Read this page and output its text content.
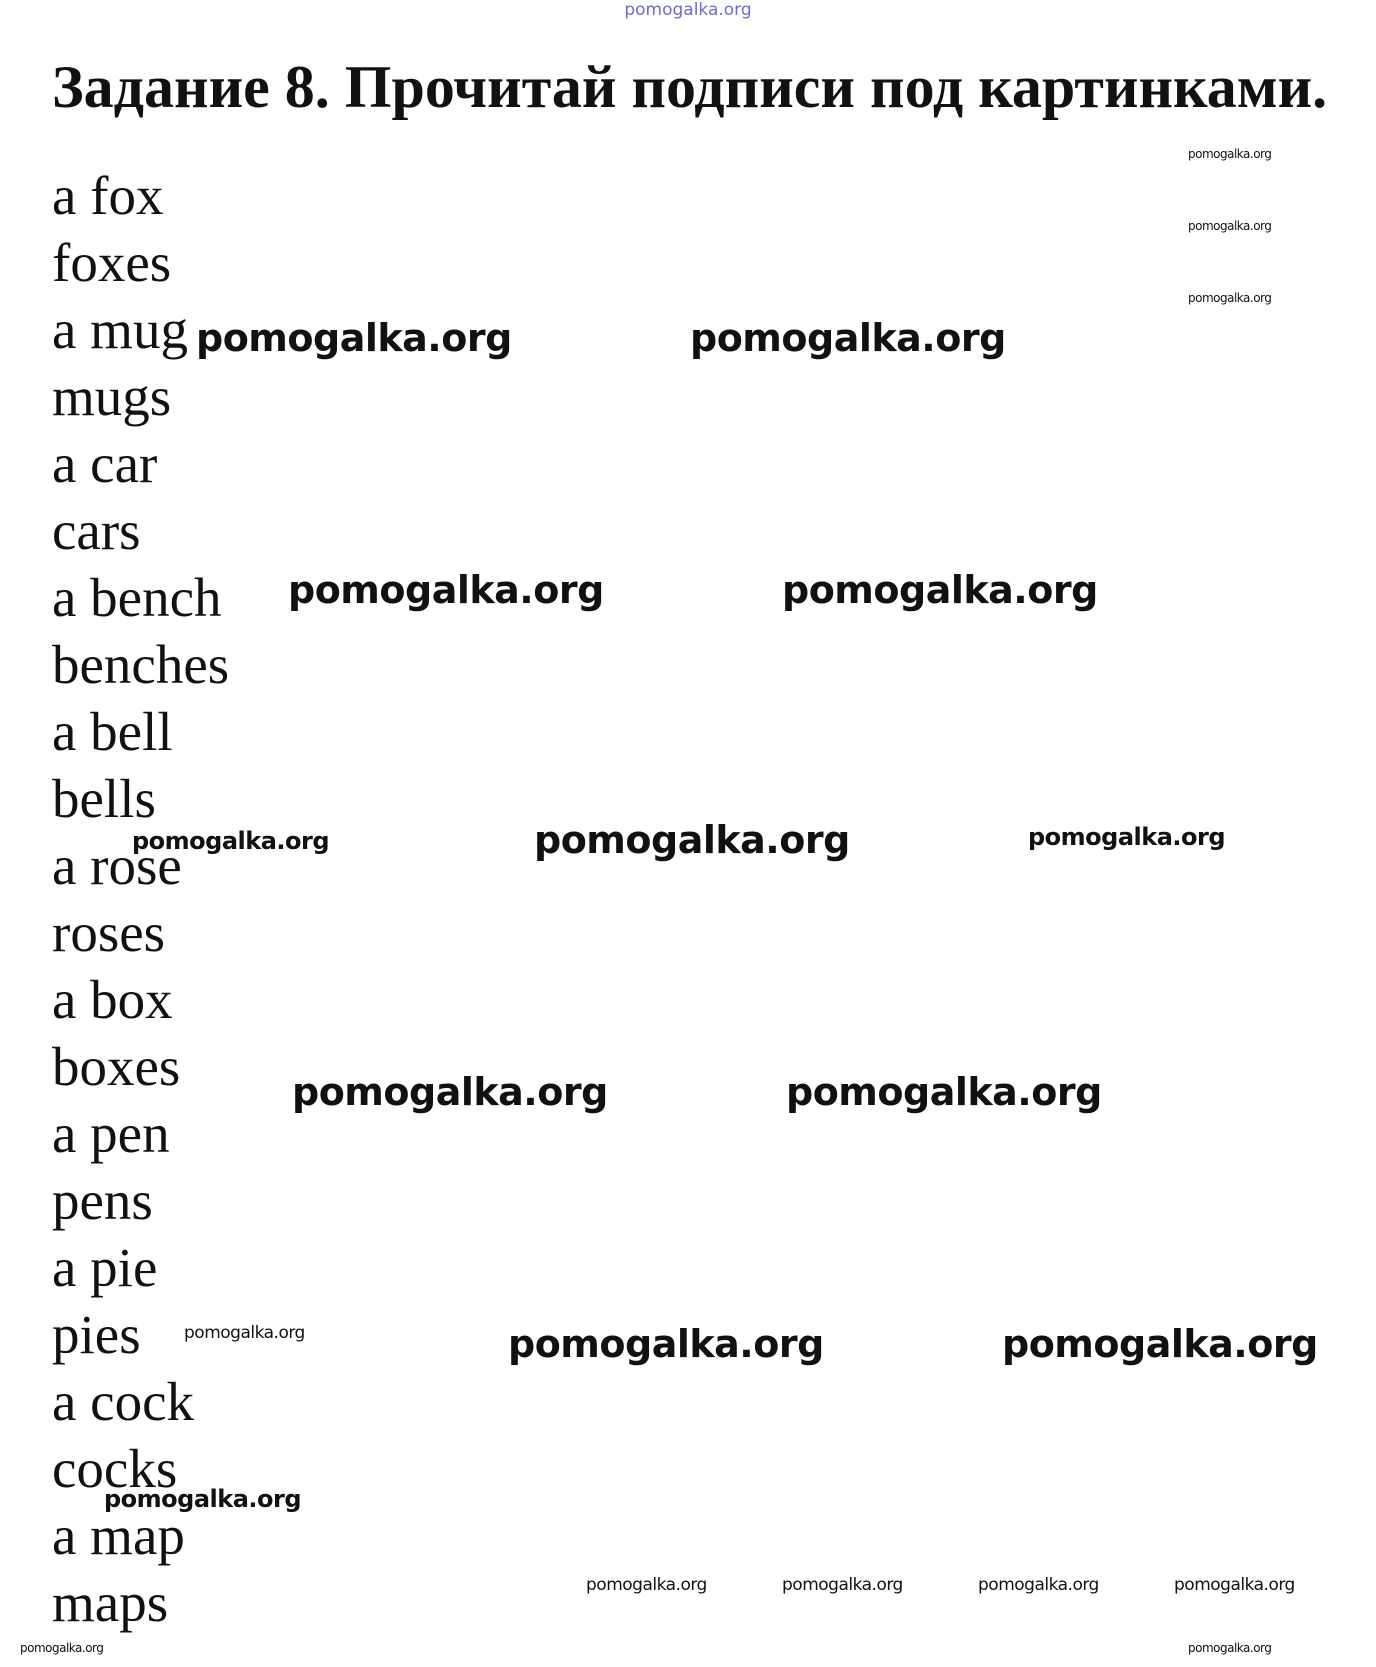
pomogalka.org
Задание 8. Прочитай подписи под картинками.
a fox
foxes
a mug
mugs
a car
cars
a bench
benches
a bell
bells
a rose
roses
a box
boxes
a pen
pens
a pie
pies
a cock
cocks
a map
maps
pomogalka.org
pomogalka.org
pomogalka.org
pomogalka.org	pomogalka.org
pomogalka.org	pomogalka.org
pomogalka.org	pomogalka.org	pomogalka.org
pomogalka.org	pomogalka.org
pomogalka.org	pomogalka.org	pomogalka.org
pomogalka.org
pomogalka.org	pomogalka.org	pomogalka.org	pomogalka.org
pomogalka.org
pomogalka.org
